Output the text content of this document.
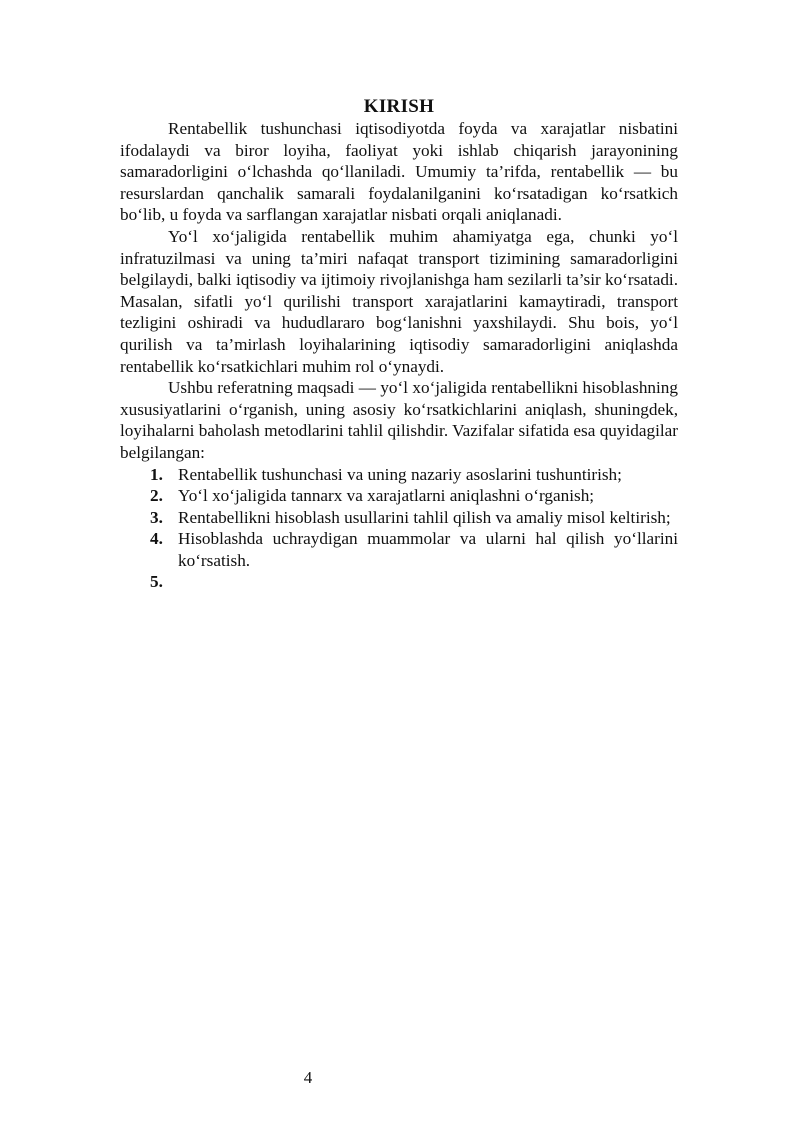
KIRISH

Rentabellik tushunchasi iqtisodiyotda foyda va xarajatlar nisbatini ifodalaydi va biror loyiha, faoliyat yoki ishlab chiqarish jarayonining samaradorligini o‘lchashda qo‘llaniladi. Umumiy ta’rifda, rentabellik — bu resurslardan qanchalik samarali foydalanilganini ko‘rsatadigan ko‘rsatkich bo‘lib, u foyda va sarflangan xarajatlar nisbati orqali aniqlanadi.

Yo‘l xo‘jaligida rentabellik muhim ahamiyatga ega, chunki yo‘l infratuzilmasi va uning ta’miri nafaqat transport tizimining samaradorligini belgilaydi, balki iqtisodiy va ijtimoiy rivojlanishga ham sezilarli ta’sir ko‘rsatadi. Masalan, sifatli yo‘l qurilishi transport xarajatlarini kamaytiradi, transport tezligini oshiradi va hududlararo bog‘lanishni yaxshilaydi. Shu bois, yo‘l qurilish va ta’mirlash loyihalarining iqtisodiy samaradorligini aniqlashda rentabellik ko‘rsatkichlari muhim rol o‘ynaydi.

Ushbu referatning maqsadi — yo‘l xo‘jaligida rentabellikni hisoblashning xususiyatlarini o‘rganish, uning asosiy ko‘rsatkichlarini aniqlash, shuningdek, loyihalarni baholash metodlarini tahlil qilishdir. Vazifalar sifatida esa quyidagilar belgilangan:

1. Rentabellik tushunchasi va uning nazariy asoslarini tushuntirish;
2. Yo‘l xo‘jaligida tannarx va xarajatlarni aniqlashni o‘rganish;
3. Rentabellikni hisoblash usullarini tahlil qilish va amaliy misol keltirish;
4. Hisoblashda uchraydigan muammolar va ularni hal qilish yo‘llarini ko‘rsatish.
5.

4
